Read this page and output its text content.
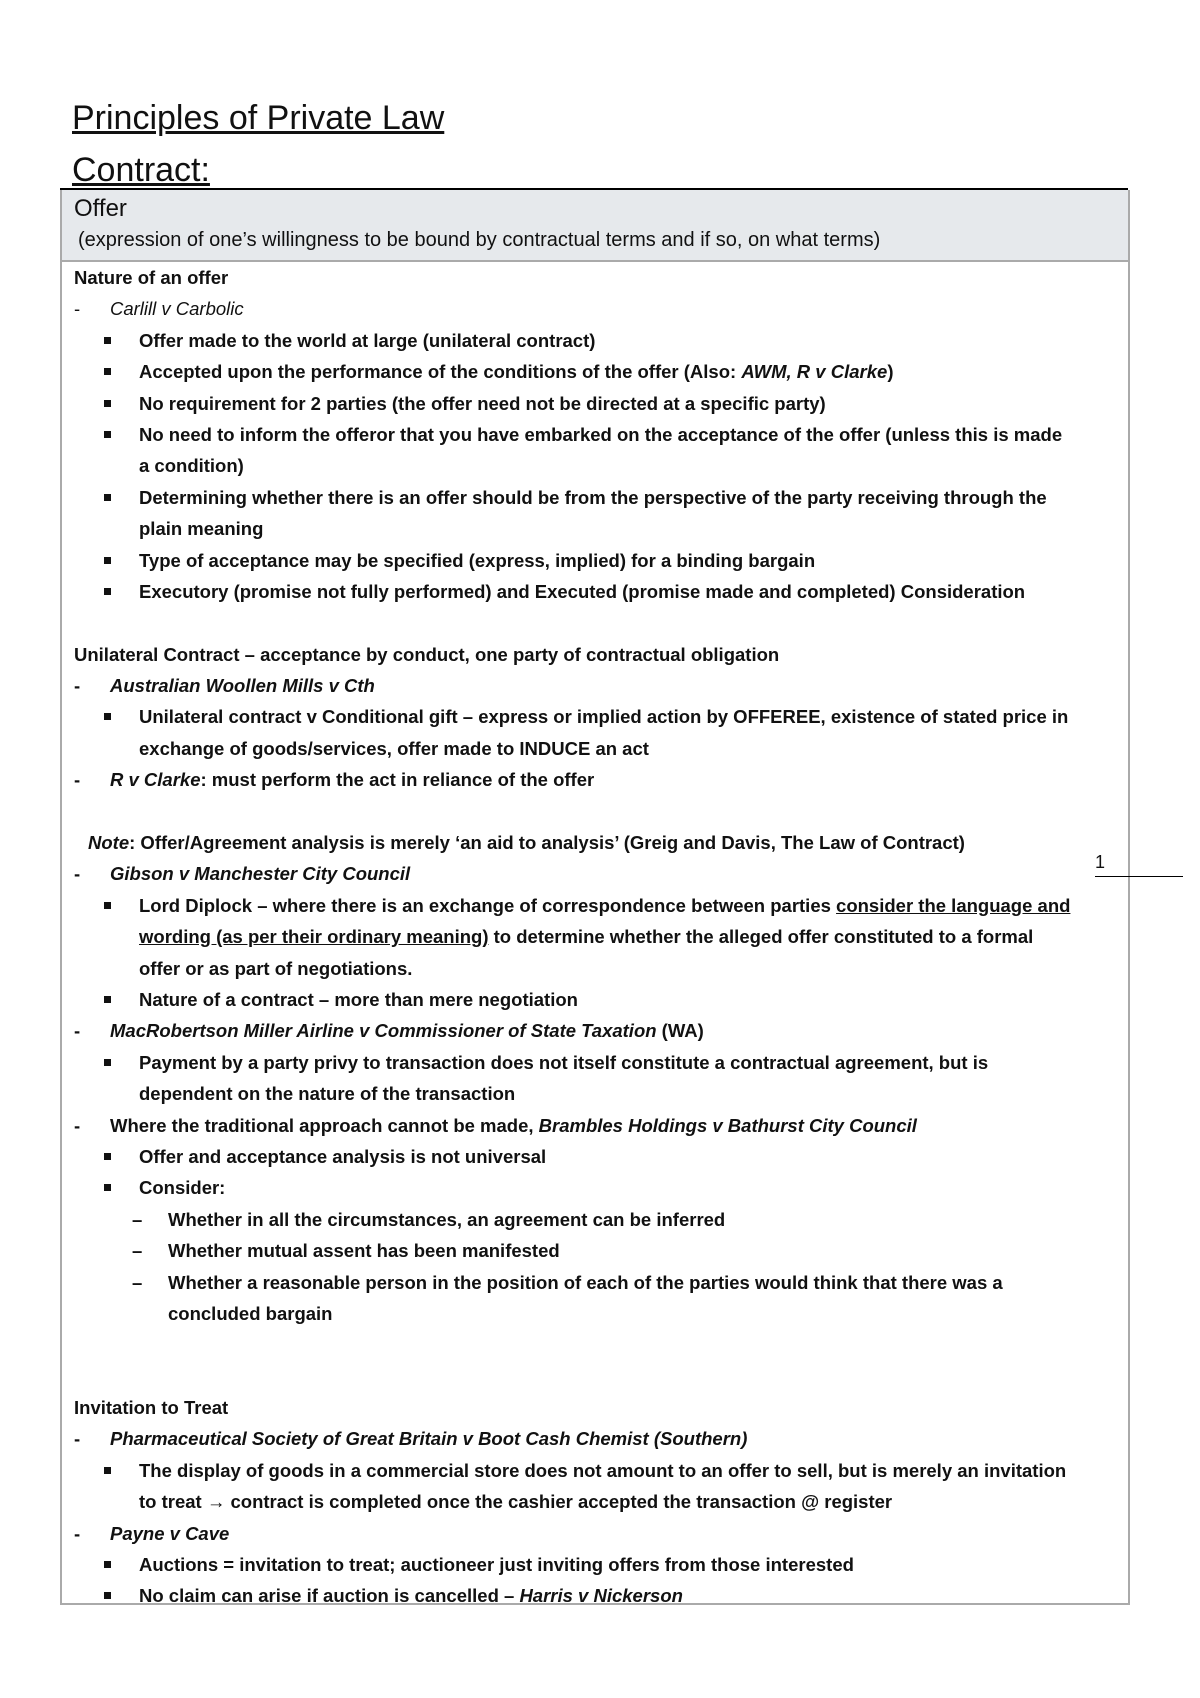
Principles of Private Law
Contract:
Offer
(expression of one’s willingness to be bound by contractual terms and if so, on what terms)
Nature of an offer
- Carlill v Carbolic
Offer made to the world at large (unilateral contract)
Accepted upon the performance of the conditions of the offer (Also: AWM, R v Clarke)
No requirement for 2 parties (the offer need not be directed at a specific party)
No need to inform the offeror that you have embarked on the acceptance of the offer (unless this is made
a condition)
Determining whether there is an offer should be from the perspective of the party receiving through the
plain meaning
Type of acceptance may be specified (express, implied) for a binding bargain
Executory (promise not fully performed) and Executed (promise made and completed) Consideration
Unilateral Contract – acceptance by conduct, one party of contractual obligation
- Australian Woollen Mills v Cth
Unilateral contract v Conditional gift – express or implied action by OFFEREE, existence of stated price in
exchange of goods/services, offer made to INDUCE an act
- R v Clarke: must perform the act in reliance of the offer
Note: Offer/Agreement analysis is merely ‘an aid to analysis’ (Greig and Davis, The Law of Contract)
- Gibson v Manchester City Council
Lord Diplock – where there is an exchange of correspondence between parties consider the language and
wording (as per their ordinary meaning) to determine whether the alleged offer constituted to a formal
offer or as part of negotiations.
Nature of a contract – more than mere negotiation
- MacRobertson Miller Airline v Commissioner of State Taxation (WA)
Payment by a party privy to transaction does not itself constitute a contractual agreement, but is
dependent on the nature of the transaction
- Where the traditional approach cannot be made, Brambles Holdings v Bathurst City Council
Offer and acceptance analysis is not universal
Consider:
– Whether in all the circumstances, an agreement can be inferred
– Whether mutual assent has been manifested
– Whether a reasonable person in the position of each of the parties would think that there was a
concluded bargain
Invitation to Treat
- Pharmaceutical Society of Great Britain v Boot Cash Chemist (Southern)
The display of goods in a commercial store does not amount to an offer to sell, but is merely an invitation
to treat → contract is completed once the cashier accepted the transaction @ register
- Payne v Cave
Auctions = invitation to treat; auctioneer just inviting offers from those interested
No claim can arise if auction is cancelled – Harris v Nickerson
1
